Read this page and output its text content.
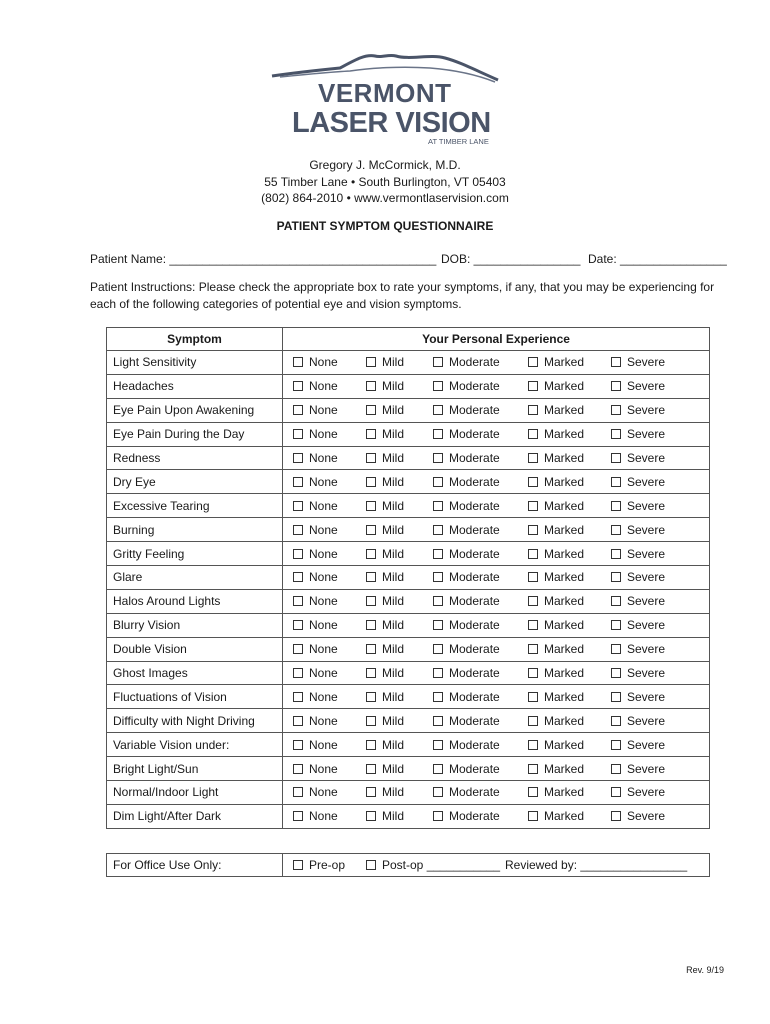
VERMONT
LASER VISION
AT TIMBER LANE
Gregory J. McCormick, M.D.
55 Timber Lane • South Burlington, VT 05403
(802) 864-2010 • www.vermontlaservision.com
PATIENT SYMPTOM QUESTIONNAIRE
Patient Name: ________________________________________ DOB: ________________ Date: ________________
Patient Instructions: Please check the appropriate box to rate your symptoms, if any, that you may be experiencing for each of the following categories of potential eye and vision symptoms.
Symptom	Your Personal Experience
Light Sensitivity	None Mild Moderate Marked Severe

Headaches	None Mild Moderate Marked Severe

Eye Pain Upon Awakening	None Mild Moderate Marked Severe

Eye Pain During the Day	None Mild Moderate Marked Severe

Redness	None Mild Moderate Marked Severe

Dry Eye	None Mild Moderate Marked Severe

Excessive Tearing	None Mild Moderate Marked Severe

Burning	None Mild Moderate Marked Severe

Gritty Feeling	None Mild Moderate Marked Severe

Glare	None Mild Moderate Marked Severe

Halos Around Lights	None Mild Moderate Marked Severe

Blurry Vision	None Mild Moderate Marked Severe

Double Vision	None Mild Moderate Marked Severe

Ghost Images	None Mild Moderate Marked Severe

Fluctuations of Vision	None Mild Moderate Marked Severe

Difficulty with Night Driving	None Mild Moderate Marked Severe

Variable Vision under:	None Mild Moderate Marked Severe

Bright Light/Sun	None Mild Moderate Marked Severe

Normal/Indoor Light	None Mild Moderate Marked Severe

Dim Light/After Dark	None Mild Moderate Marked Severe
For Office Use Only:	Pre-op	Post-op ___________ Reviewed by: ________________
Rev. 9/19
